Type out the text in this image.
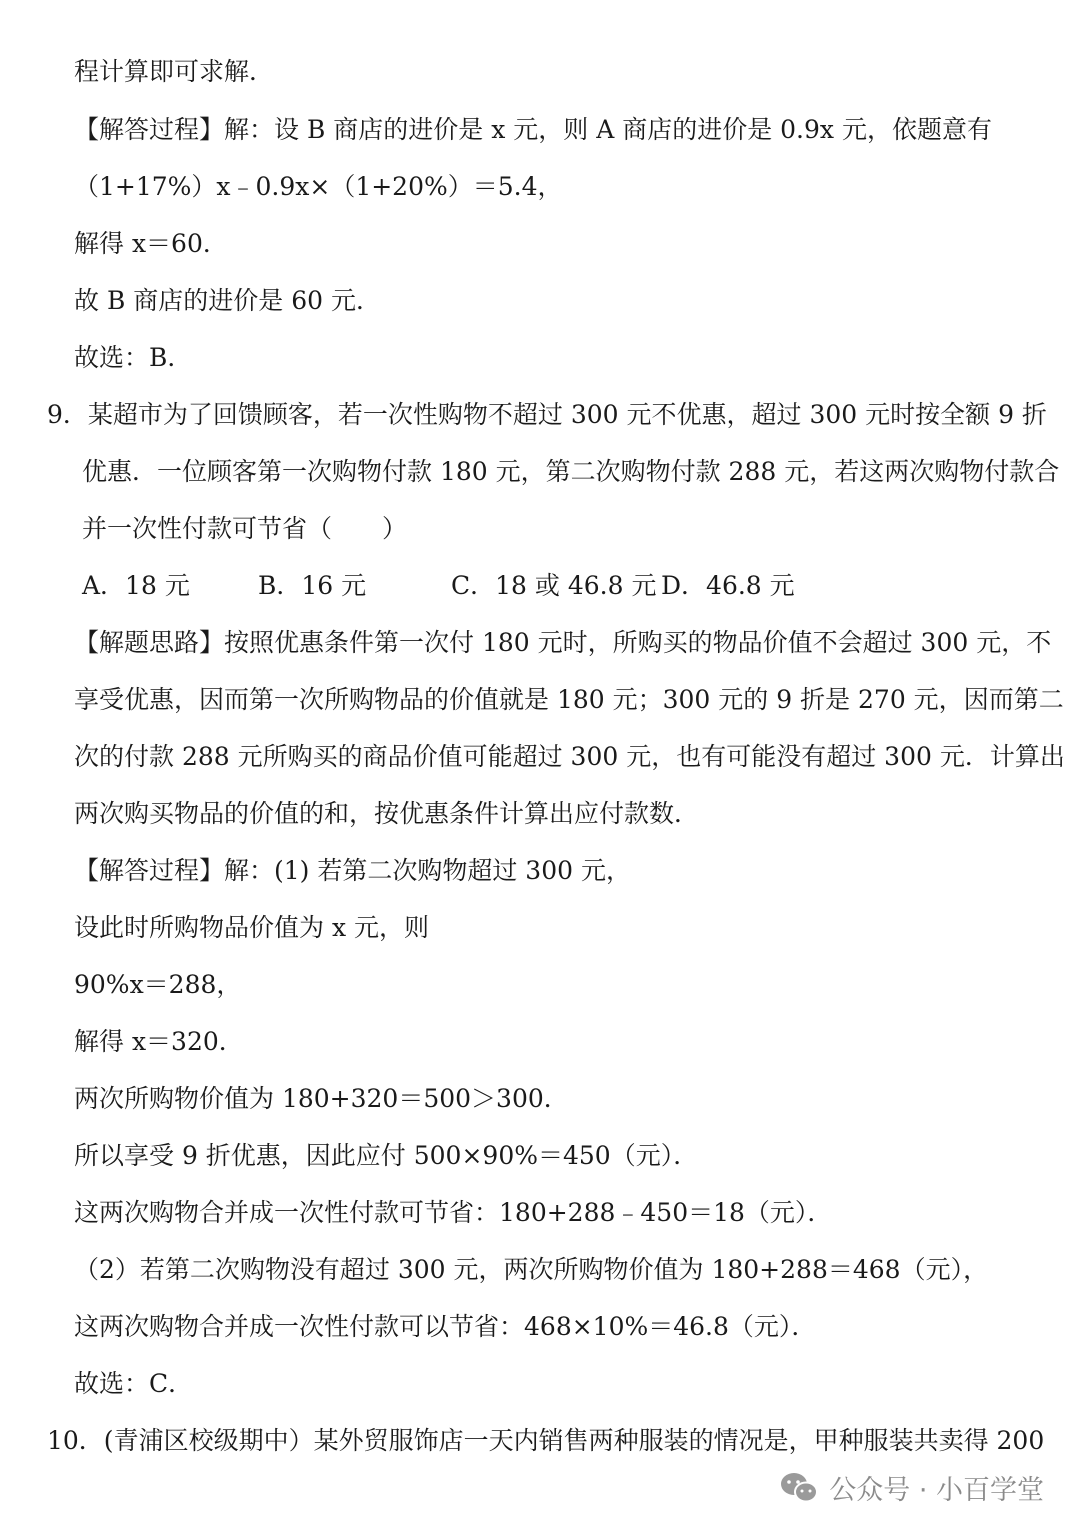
程计算即可求解．

【解答过程】解：设 B 商店的进价是 x 元，则 A 商店的进价是 0.9x 元，依题意有

（1+17%）x﹣0.9x×（1+20%）＝5.4，

解得 x＝60．

故 B 商店的进价是 60 元．

故选：B．

9．某超市为了回馈顾客，若一次性购物不超过 300 元不优惠，超过 300 元时按全额 9 折

优惠．一位顾客第一次购物付款 180 元，第二次购物付款 288 元，若这两次购物付款合

并一次性付款可节省（　　）

A．18 元	B．16 元	C．18 或 46.8 元 D．46.8 元

【解题思路】按照优惠条件第一次付 180 元时，所购买的物品价值不会超过 300 元，不

享受优惠，因而第一次所购物品的价值就是 180 元；300 元的 9 折是 270 元，因而第二

次的付款 288 元所购买的商品价值可能超过 300 元，也有可能没有超过 300 元．计算出

两次购买物品的价值的和，按优惠条件计算出应付款数．

【解答过程】解：(1) 若第二次购物超过 300 元，

设此时所购物品价值为 x 元，则

90%x＝288，

解得 x＝320．

两次所购物价值为 180+320＝500＞300．

所以享受 9 折优惠，因此应付 500×90%＝450（元）．

这两次购物合并成一次性付款可节省：180+288﹣450＝18（元）．

（2）若第二次购物没有超过 300 元，两次所购物价值为 180+288＝468（元），

这两次购物合并成一次性付款可以节省：468×10%＝46.8（元）．

故选：C．

10．(青浦区校级期中）某外贸服饰店一天内销售两种服装的情况是，甲种服装共卖得 200

公众号 · 小百学堂
